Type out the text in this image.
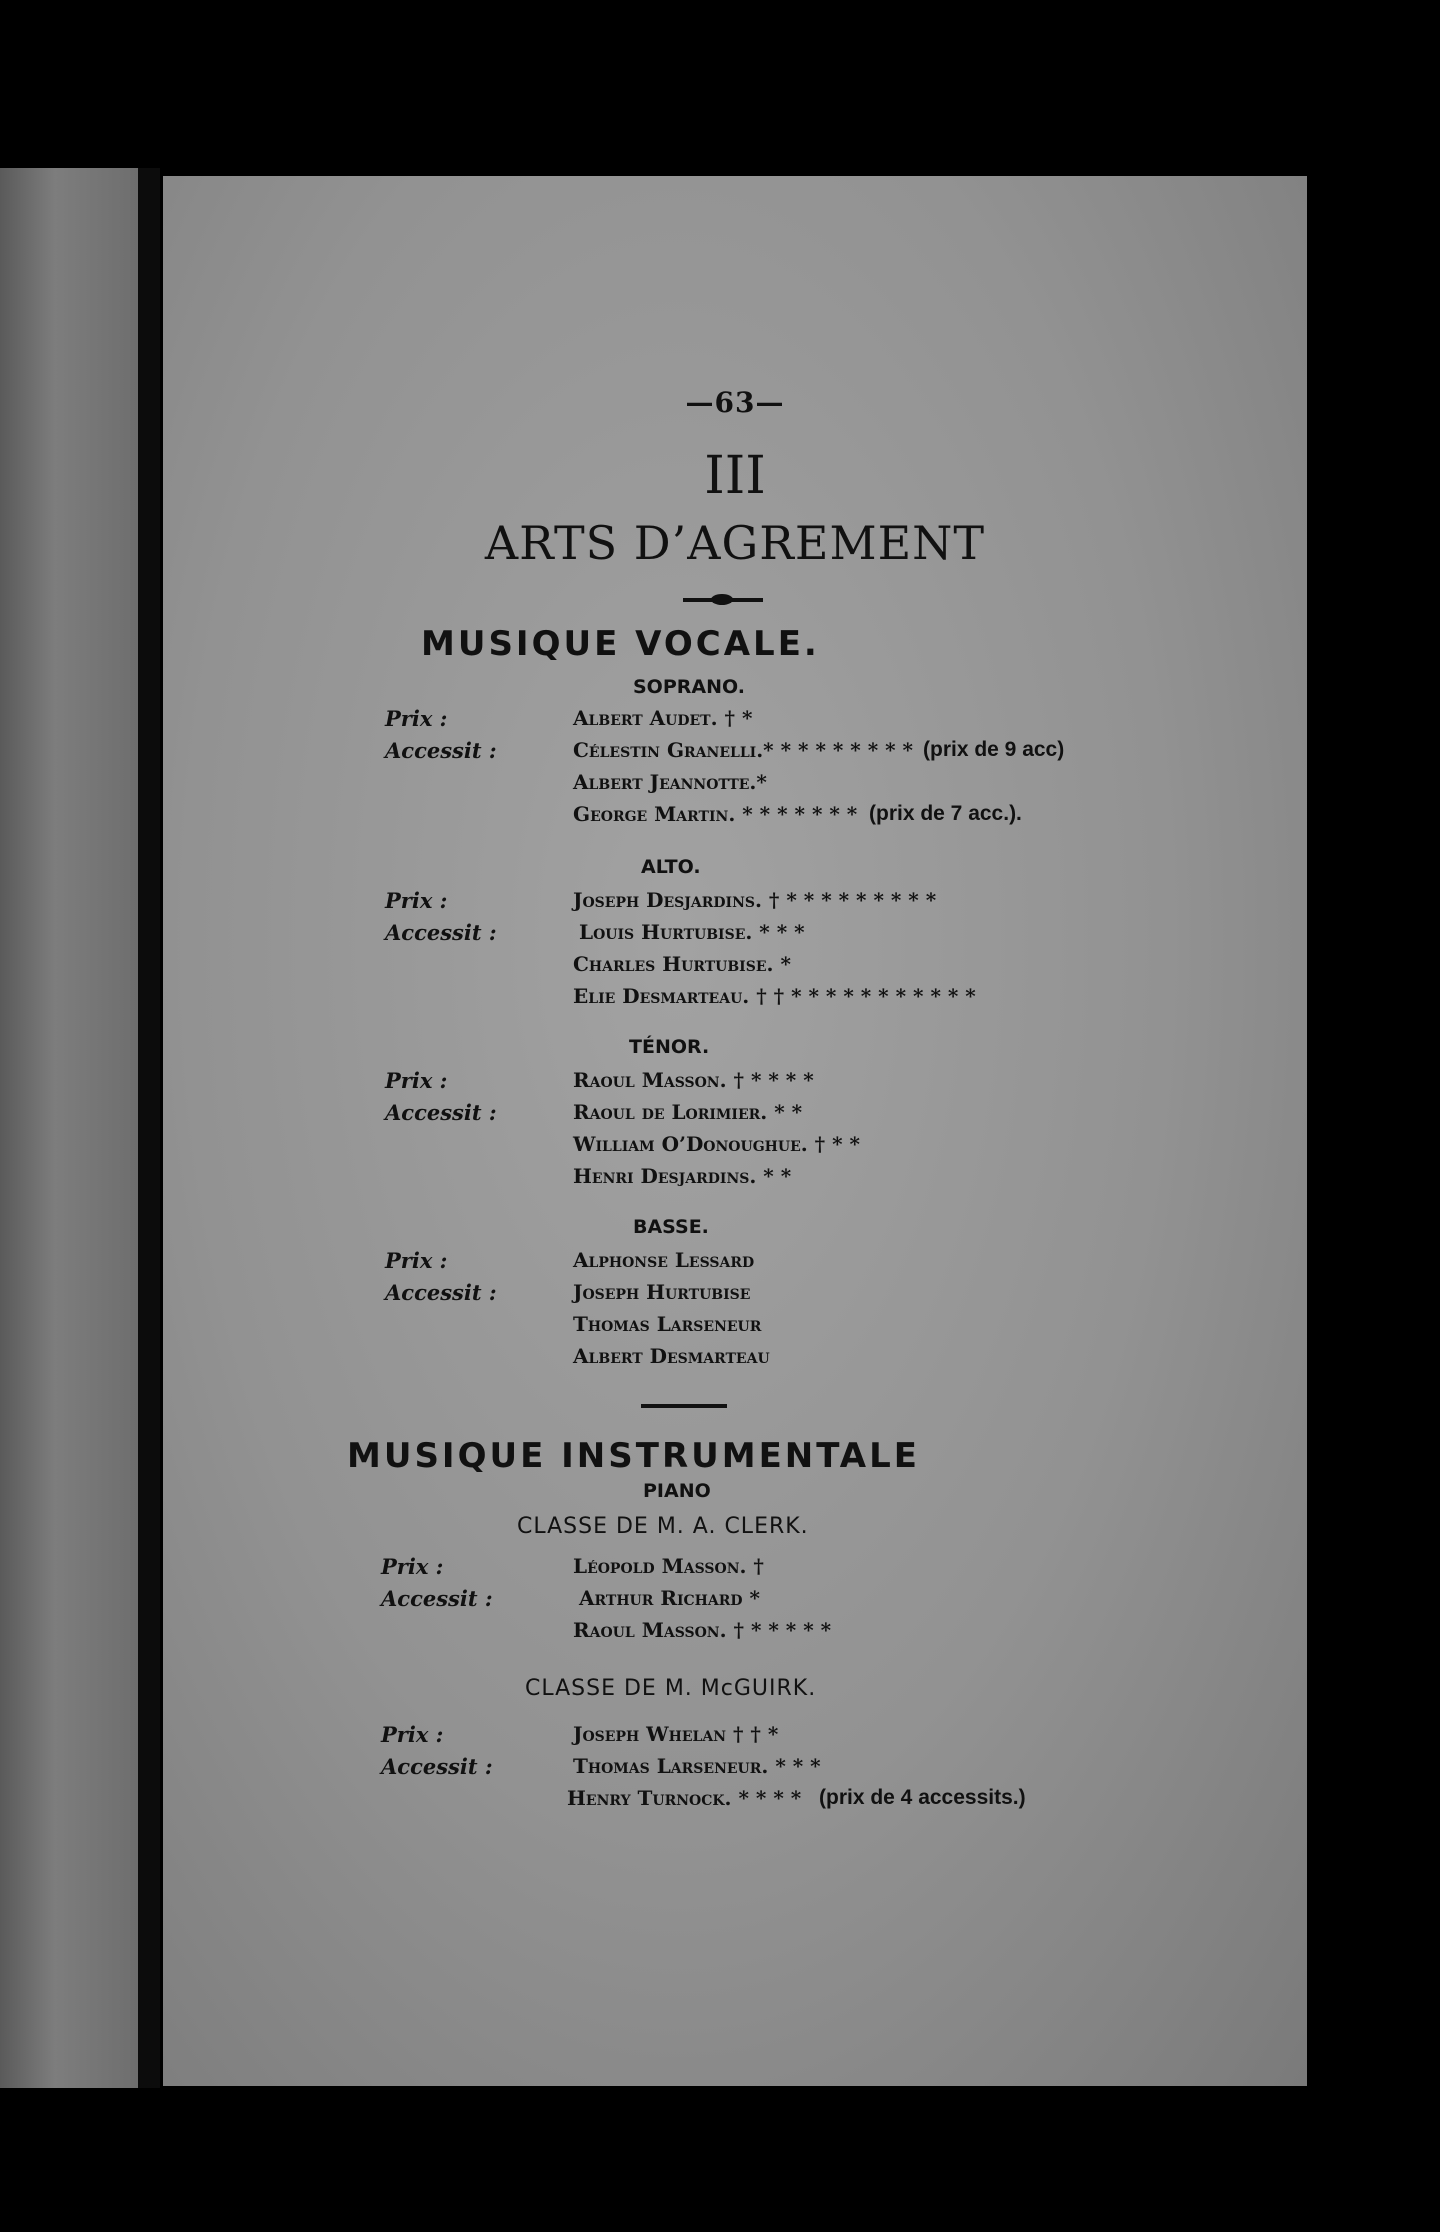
—63—
III
ARTS D’AGREMENT
MUSIQUE VOCALE.
SOPRANO.
Prix :
Accessit :
Albert Audet. † *
Célestin Granelli.* * * * * * * * * (prix de 9 acc)
Albert Jeannotte.*
George Martin. * * * * * * * (prix de 7 acc.).
ALTO.
Prix :
Accessit :
Joseph Desjardins. † * * * * * * * * *
Louis Hurtubise. * * *
Charles Hurtubise. *
Elie Desmarteau. † † * * * * * * * * * * *
TÉNOR.
Prix :
Accessit :
Raoul Masson. † * * * *
Raoul de Lorimier. * *
William O’Donoughue. † * *
Henri Desjardins. * *
BASSE.
Prix :
Accessit :
Alphonse Lessard
Joseph Hurtubise
Thomas Larseneur
Albert Desmarteau
MUSIQUE INSTRUMENTALE
PIANO
CLASSE DE M. A. CLERK.
Prix :
Accessit :
Léopold Masson. †
Arthur Richard *
Raoul Masson. † * * * * *
CLASSE DE M. McGUIRK.
Prix :
Accessit :
Joseph Whelan † † *
Thomas Larseneur. * * *
Henry Turnock. * * * * (prix de 4 accessits.)
